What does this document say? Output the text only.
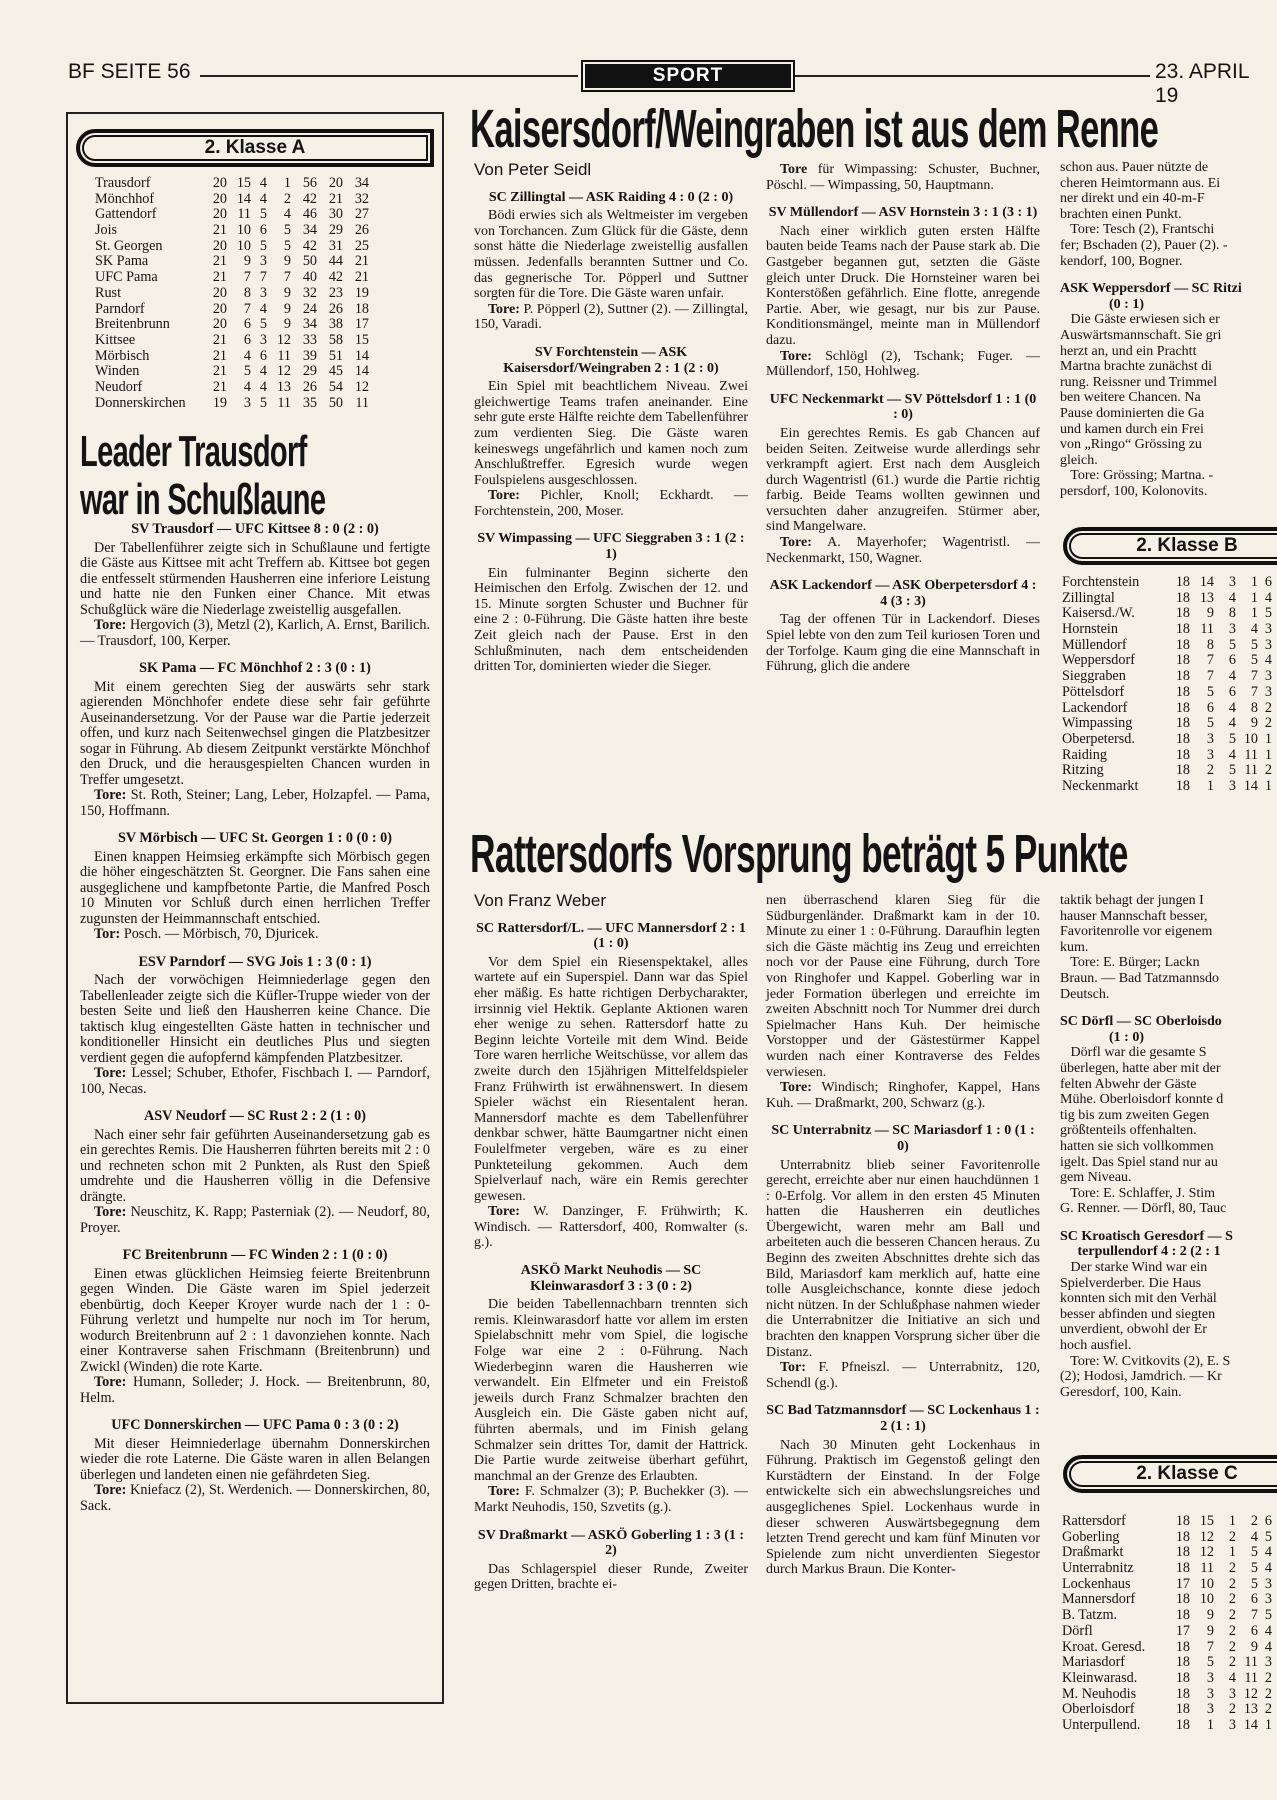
BF SEITE 56	SPORT	23. APRIL 19
2. Klasse A
Trausdorf	20 15 4	1 56 20 34
Mönchhof	20 14 4	2 42 21 32
Gattendorf	20 11 5	4 46 30 27
Jois	21 10 6	5 34 29 26
St. Georgen	20 10 5	5 42 31 25
SK Pama	21	9 3	9 50 44 21
UFC Pama	21	7 7	7 40 42 21
Rust	20	8 3	9 32 23 19
Parndorf	20	7 4	9 24 26 18
Breitenbrunn	20	6 5	9 34 38 17
Kittsee	21	6 3 12 33 58 15
Mörbisch	21	4 6 11 39 51 14
Winden	21	5 4 12 29 45 14
Neudorf	21	4 4 13 26 54 12
Donnerskirchen	19	3 5 11 35 50 11
Leader Trausdorf
war in Schußlaune

SV Trausdorf — UFC Kittsee 8 : 0 (2 : 0)

Der Tabellenführer zeigte sich in Schußlaune und fertigte die Gäste aus Kittsee mit acht Treffern ab. Kittsee bot gegen die entfesselt stürmenden Hausherren eine inferiore Leistung und hatte nie den Funken einer Chance. Mit etwas Schußglück wäre die Niederlage zweistellig ausgefallen.

Tore: Hergovich (3), Metzl (2), Karlich, A. Ernst, Barilich. — Trausdorf, 100, Kerper.

SK Pama — FC Mönchhof 2 : 3 (0 : 1)

Mit einem gerechten Sieg der auswärts sehr stark agierenden Mönchhofer endete diese sehr fair geführte Auseinandersetzung. Vor der Pause war die Partie jederzeit offen, und kurz nach Seitenwechsel gingen die Platzbesitzer sogar in Führung. Ab diesem Zeitpunkt verstärkte Mönchhof den Druck, und die herausgespielten Chancen wurden in Treffer umgesetzt.

Tore: St. Roth, Steiner; Lang, Leber, Holzapfel. — Pama, 150, Hoffmann.

SV Mörbisch — UFC St. Georgen 1 : 0 (0 : 0)

Einen knappen Heimsieg erkämpfte sich Mörbisch gegen die höher eingeschätzten St. Georgner. Die Fans sahen eine ausgeglichene und kampfbetonte Partie, die Manfred Posch 10 Minuten vor Schluß durch einen herrlichen Treffer zugunsten der Heimmannschaft entschied.

Tor: Posch. — Mörbisch, 70, Djuricek.

ESV Parndorf — SVG Jois 1 : 3 (0 : 1)

Nach der vorwöchigen Heimniederlage gegen den Tabellenleader zeigte sich die Küfler-Truppe wieder von der besten Seite und ließ den Hausherren keine Chance. Die taktisch klug eingestellten Gäste hatten in technischer und konditioneller Hinsicht ein deutliches Plus und siegten verdient gegen die aufopfernd kämpfenden Platzbesitzer.

Tore: Lessel; Schuber, Ethofer, Fischbach I. — Parndorf, 100, Necas.

ASV Neudorf — SC Rust 2 : 2 (1 : 0)

Nach einer sehr fair geführten Auseinandersetzung gab es ein gerechtes Remis. Die Hausherren führten bereits mit 2 : 0 und rechneten schon mit 2 Punkten, als Rust den Spieß umdrehte und die Hausherren völlig in die Defensive drängte.

Tore: Neuschitz, K. Rapp; Pasterniak (2). — Neudorf, 80, Proyer.

FC Breitenbrunn — FC Winden 2 : 1 (0 : 0)

Einen etwas glücklichen Heimsieg feierte Breitenbrunn gegen Winden. Die Gäste waren im Spiel jederzeit ebenbürtig, doch Keeper Kroyer wurde nach der 1 : 0-Führung verletzt und humpelte nur noch im Tor herum, wodurch Breitenbrunn auf 2 : 1 davonziehen konnte. Nach einer Kontraverse sahen Frischmann (Breitenbrunn) und Zwickl (Winden) die rote Karte.

Tore: Humann, Solleder; J. Hock. — Breitenbrunn, 80, Helm.

UFC Donnerskirchen — UFC Pama 0 : 3 (0 : 2)

Mit dieser Heimniederlage übernahm Donnerskirchen wieder die rote Laterne. Die Gäste waren in allen Belangen überlegen und landeten einen nie gefährdeten Sieg.

Tore: Kniefacz (2), St. Werdenich. — Donnerskirchen, 80, Sack.

Kaisersdorf/Weingraben ist aus dem Renne

Von Peter Seidl

SC Zillingtal — ASK Raiding 4 : 0 (2 : 0)

Bödi erwies sich als Weltmeister im vergeben von Torchancen. Zum Glück für die Gäste, denn sonst hätte die Niederlage zweistellig ausfallen müssen. Jedenfalls berannten Suttner und Co. das gegnerische Tor. Pöpperl und Suttner sorgten für die Tore. Die Gäste waren unfair.

Tore: P. Pöpperl (2), Suttner (2). — Zillingtal, 150, Varadi.

SV Forchtenstein — ASK Kaisersdorf/Weingraben 2 : 1 (2 : 0)

Ein Spiel mit beachtlichem Niveau. Zwei gleichwertige Teams trafen aneinander. Eine sehr gute erste Hälfte reichte dem Tabellenführer zum verdienten Sieg. Die Gäste waren keineswegs ungefährlich und kamen noch zum Anschlußtreffer. Egresich wurde wegen Foulspielens ausgeschlossen.

Tore: Pichler, Knoll; Eckhardt. — Forchtenstein, 200, Moser.

SV Wimpassing — UFC Sieggraben 3 : 1 (2 : 1)

Ein fulminanter Beginn sicherte den Heimischen den Erfolg. Zwischen der 12. und 15. Minute sorgten Schuster und Buchner für eine 2 : 0-Führung. Die Gäste hatten ihre beste Zeit gleich nach der Pause. Erst in den Schlußminuten, nach dem entscheidenden dritten Tor, dominierten wieder die Sieger.

Tore für Wimpassing: Schuster, Buchner, Pöschl. — Wimpassing, 50, Hauptmann.

SV Müllendorf — ASV Hornstein 3 : 1 (3 : 1)

Nach einer wirklich guten ersten Hälfte bauten beide Teams nach der Pause stark ab. Die Gastgeber begannen gut, setzten die Gäste gleich unter Druck. Die Hornsteiner waren bei Konterstößen gefährlich. Eine flotte, anregende Partie. Aber, wie gesagt, nur bis zur Pause. Konditionsmängel, meinte man in Müllendorf dazu.

Tore: Schlögl (2), Tschank; Fuger. — Müllendorf, 150, Hohlweg.

UFC Neckenmarkt — SV Pöttelsdorf 1 : 1 (0 : 0)

Ein gerechtes Remis. Es gab Chancen auf beiden Seiten. Zeitweise wurde allerdings sehr verkrampft agiert. Erst nach dem Ausgleich durch Wagentristl (61.) wurde die Partie richtig farbig. Beide Teams wollten gewinnen und versuchten daher anzugreifen. Stürmer aber, sind Mangelware.

Tore: A. Mayerhofer; Wagentristl. — Neckenmarkt, 150, Wagner.

ASK Lackendorf — ASK Oberpetersdorf 4 : 4 (3 : 3)

Tag der offenen Tür in Lackendorf. Dieses Spiel lebte von den zum Teil kuriosen Toren und der Torfolge. Kaum ging die eine Mannschaft in Führung, glich die andere

schon aus. Pauer nützte de
cheren Heimtormann aus. Ei
ner direkt und ein 40-m-F
brachten einen Punkt.
Tore: Tesch (2), Frantschi
fer; Bschaden (2), Pauer (2). -
kendorf, 100, Bogner.
ASK Weppersdorf — SC Ritzi
(0 : 1)
Die Gäste erwiesen sich er
Auswärtsmannschaft. Sie gri
herzt an, und ein Prachtt
Martna brachte zunächst di
rung. Reissner und Trimmel
ben weitere Chancen. Na
Pause dominierten die Ga
und kamen durch ein Frei
von „Ringo“ Grössing zu
gleich.
Tore: Grössing; Martna. -
persdorf, 100, Kolonovits.
2. Klasse B
Forchtenstein	18 14	3	1 6
Zillingtal	18 13	4	1 4
Kaisersd./W.	18	9	8	1 5
Hornstein	18 11	3	4 3
Müllendorf	18	8	5	5 3
Weppersdorf	18	7	6	5 4
Sieggraben	18	7	4	7 3
Pöttelsdorf	18	5	6	7 3
Lackendorf	18	6	4	8 2
Wimpassing	18	5	4	9 2
Oberpetersd.	18	3	5 10 1
Raiding	18	3	4 11 1
Ritzing	18	2	5 11 2
Neckenmarkt	18	1	3 14 1
Rattersdorfs Vorsprung beträgt 5 Punkte

Von Franz Weber

SC Rattersdorf/L. — UFC Mannersdorf 2 : 1 (1 : 0)

Vor dem Spiel ein Riesenspektakel, alles wartete auf ein Superspiel. Dann war das Spiel eher mäßig. Es hatte richtigen Derbycharakter, irrsinnig viel Hektik. Geplante Aktionen waren eher wenige zu sehen. Rattersdorf hatte zu Beginn leichte Vorteile mit dem Wind. Beide Tore waren herrliche Weitschüsse, vor allem das zweite durch den 15jährigen Mittelfeldspieler Franz Frühwirth ist erwähnenswert. In diesem Spieler wächst ein Riesentalent heran. Mannersdorf machte es dem Tabellenführer denkbar schwer, hätte Baumgartner nicht einen Foulelfmeter vergeben, wäre es zu einer Punkteteilung gekommen. Auch dem Spielverlauf nach, wäre ein Remis gerechter gewesen.

Tore: W. Danzinger, F. Frühwirth; K. Windisch. — Rattersdorf, 400, Romwalter (s. g.).

ASKÖ Markt Neuhodis — SC Kleinwarasdorf 3 : 3 (0 : 2)

Die beiden Tabellennachbarn trennten sich remis. Kleinwarasdorf hatte vor allem im ersten Spielabschnitt mehr vom Spiel, die logische Folge war eine 2 : 0-Führung. Nach Wiederbeginn waren die Hausherren wie verwandelt. Ein Elfmeter und ein Freistoß jeweils durch Franz Schmalzer brachten den Ausgleich ein. Die Gäste gaben nicht auf, führten abermals, und im Finish gelang Schmalzer sein drittes Tor, damit der Hattrick. Die Partie wurde zeitweise überhart geführt, manchmal an der Grenze des Erlaubten.

Tore: F. Schmalzer (3); P. Buchekker (3). — Markt Neuhodis, 150, Szvetits (g.).

SV Draßmarkt — ASKÖ Goberling 1 : 3 (1 : 2)

Das Schlagerspiel dieser Runde, Zweiter gegen Dritten, brachte ei-

nen überraschend klaren Sieg für die Südburgenländer. Draßmarkt kam in der 10. Minute zu einer 1 : 0-Führung. Daraufhin legten sich die Gäste mächtig ins Zeug und erreichten noch vor der Pause eine Führung, durch Tore von Ringhofer und Kappel. Goberling war in jeder Formation überlegen und erreichte im zweiten Abschnitt noch Tor Nummer drei durch Spielmacher Hans Kuh. Der heimische Vorstopper und der Gästestürmer Kappel wurden nach einer Kontraverse des Feldes verwiesen.

Tore: Windisch; Ringhofer, Kappel, Hans Kuh. — Draßmarkt, 200, Schwarz (g.).

SC Unterrabnitz — SC Mariasdorf 1 : 0 (1 : 0)

Unterrabnitz blieb seiner Favoritenrolle gerecht, erreichte aber nur einen hauchdünnen 1 : 0-Erfolg. Vor allem in den ersten 45 Minuten hatten die Hausherren ein deutliches Übergewicht, waren mehr am Ball und arbeiteten auch die besseren Chancen heraus. Zu Beginn des zweiten Abschnittes drehte sich das Bild, Mariasdorf kam merklich auf, hatte eine tolle Ausgleichschance, konnte diese jedoch nicht nützen. In der Schlußphase nahmen wieder die Unterrabnitzer die Initiative an sich und brachten den knappen Vorsprung sicher über die Distanz.

Tor: F. Pfneiszl. — Unterrabnitz, 120, Schendl (g.).

SC Bad Tatzmannsdorf — SC Lockenhaus 1 : 2 (1 : 1)

Nach 30 Minuten geht Lockenhaus in Führung. Praktisch im Gegenstoß gelingt den Kurstädtern der Einstand. In der Folge entwickelte sich ein abwechslungsreiches und ausgeglichenes Spiel. Lockenhaus wurde in dieser schweren Auswärtsbegegnung dem letzten Trend gerecht und kam fünf Minuten vor Spielende zum nicht unverdienten Siegestor durch Markus Braun. Die Konter-

taktik behagt der jungen I
hauser Mannschaft besser,
Favoritenrolle vor eigenem
kum.
Tore: E. Bürger; Lackn
Braun. — Bad Tatzmannsdo
Deutsch.
SC Dörfl — SC Oberloisdo
(1 : 0)
Dörfl war die gesamte S
überlegen, hatte aber mit der
felten Abwehr der Gäste
Mühe. Oberloisdorf konnte d
tig bis zum zweiten Gegen
größtenteils offenhalten.
hatten sie sich vollkommen
igelt. Das Spiel stand nur au
gem Niveau.
Tore: E. Schlaffer, J. Stim
G. Renner. — Dörfl, 80, Tauc
SC Kroatisch Geresdorf — S
terpullendorf 4 : 2 (2 : 1
Der starke Wind war ein
Spielverderber. Die Haus
konnten sich mit den Verhäl
besser abfinden und siegten
unverdient, obwohl der Er
hoch ausfiel.
Tore: W. Cvitkovits (2), E. S
(2); Hodosi, Jamdrich. — Kr
Geresdorf, 100, Kain.
2. Klasse C
Rattersdorf	18 15	1	2 6
Goberling	18 12	2	4 5
Draßmarkt	18 12	1	5 4
Unterrabnitz	18 11	2	5 4
Lockenhaus	17 10	2	5 3
Mannersdorf	18 10	2	6 3
B. Tatzm.	18	9	2	7 5
Dörfl	17	9	2	6 4
Kroat. Geresd.	18	7	2	9 4
Mariasdorf	18	5	2 11 3
Kleinwarasd.	18	3	4 11 2
M. Neuhodis	18	3	3 12 2
Oberloisdorf	18	3	2 13 2
Unterpullend.	18	1	3 14 1
